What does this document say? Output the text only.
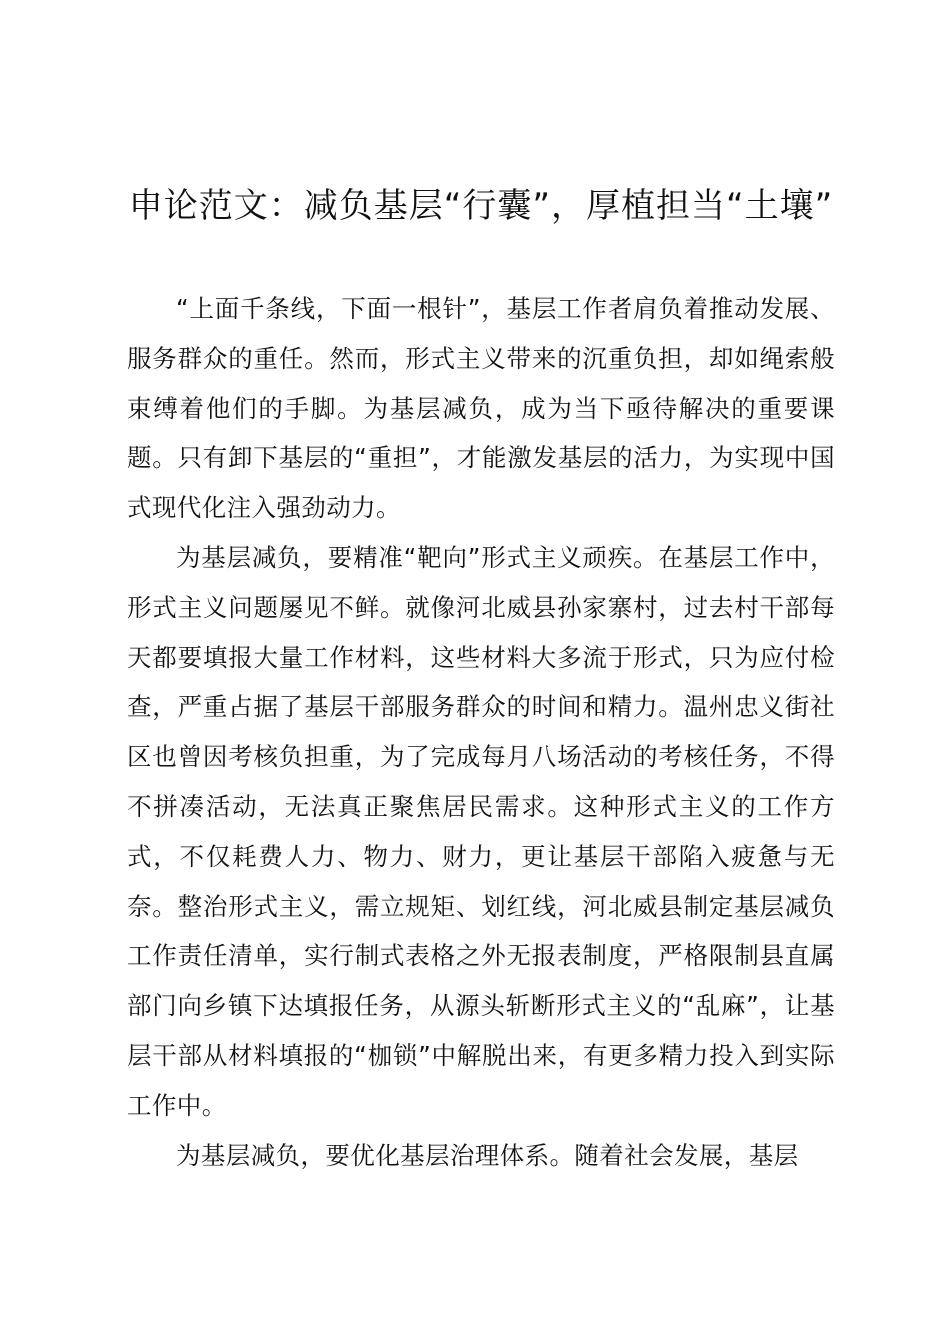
申论范文：减负基层“行囊”，厚植担当“土壤”

“上面千条线，下面一根针”，基层工作者肩负着推动发展、服务群众的重任。然而，形式主义带来的沉重负担，却如绳索般束缚着他们的手脚。为基层减负，成为当下亟待解决的重要课题。只有卸下基层的“重担”，才能激发基层的活力，为实现中国式现代化注入强劲动力。

为基层减负，要精准“靶向”形式主义顽疾。在基层工作中，形式主义问题屡见不鲜。就像河北威县孙家寨村，过去村干部每天都要填报大量工作材料，这些材料大多流于形式，只为应付检查，严重占据了基层干部服务群众的时间和精力。温州忠义街社区也曾因考核负担重，为了完成每月八场活动的考核任务，不得不拼凑活动，无法真正聚焦居民需求。这种形式主义的工作方式，不仅耗费人力、物力、财力，更让基层干部陷入疲惫与无奈。整治形式主义，需立规矩、划红线，河北威县制定基层减负工作责任清单，实行制式表格之外无报表制度，严格限制县直属部门向乡镇下达填报任务，从源头斩断形式主义的“乱麻”，让基层干部从材料填报的“枷锁”中解脱出来，有更多精力投入到实际工作中。

为基层减负，要优化基层治理体系。随着社会发展，基层
